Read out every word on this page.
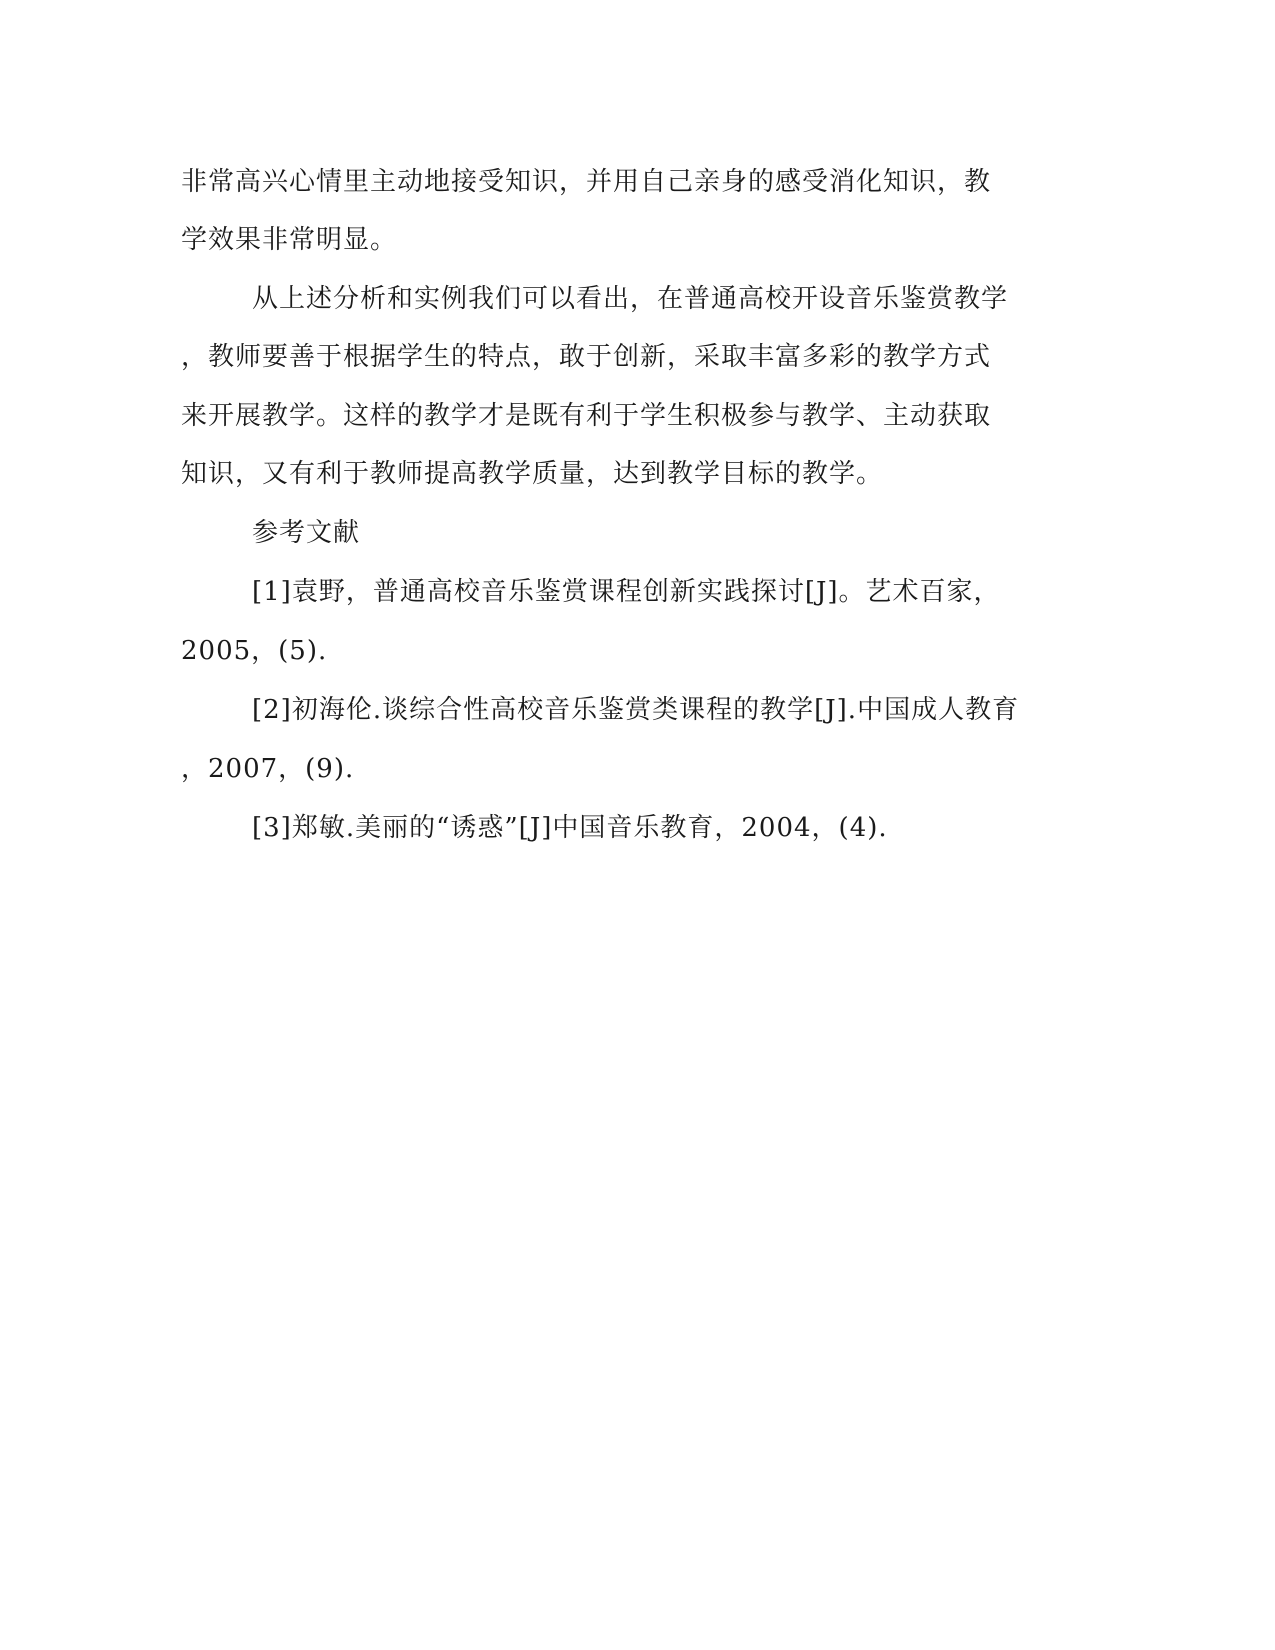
非常高兴心情里主动地接受知识，并用自己亲身的感受消化知识，教
学效果非常明显。
从上述分析和实例我们可以看出，在普通高校开设音乐鉴赏教学
，教师要善于根据学生的特点，敢于创新，采取丰富多彩的教学方式
来开展教学。这样的教学才是既有利于学生积极参与教学、主动获取
知识，又有利于教师提高教学质量，达到教学目标的教学。
参考文献
[1]袁野，普通高校音乐鉴赏课程创新实践探讨[J]。艺术百家，
2005，(5).
[2]初海伦.谈综合性高校音乐鉴赏类课程的教学[J].中国成人教育
，2007，(9).
[3]郑敏.美丽的“诱惑”[J]中国音乐教育，2004，(4).
